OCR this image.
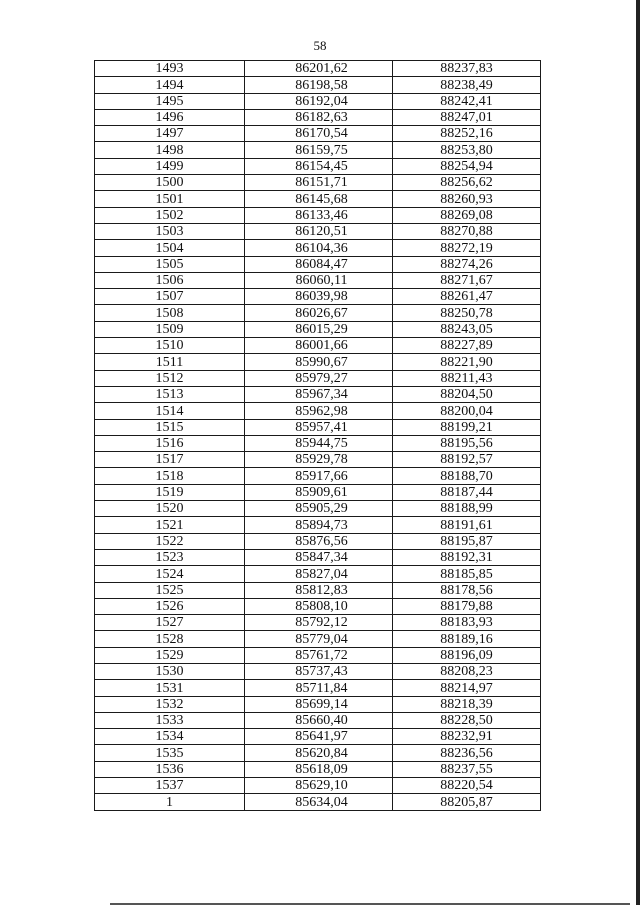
58
1493	86201,62	88237,83
1494	86198,58	88238,49
1495	86192,04	88242,41
1496	86182,63	88247,01
1497	86170,54	88252,16
1498	86159,75	88253,80
1499	86154,45	88254,94
1500	86151,71	88256,62
1501	86145,68	88260,93
1502	86133,46	88269,08
1503	86120,51	88270,88
1504	86104,36	88272,19
1505	86084,47	88274,26
1506	86060,11	88271,67
1507	86039,98	88261,47
1508	86026,67	88250,78
1509	86015,29	88243,05
1510	86001,66	88227,89
1511	85990,67	88221,90
1512	85979,27	88211,43
1513	85967,34	88204,50
1514	85962,98	88200,04
1515	85957,41	88199,21
1516	85944,75	88195,56
1517	85929,78	88192,57
1518	85917,66	88188,70
1519	85909,61	88187,44
1520	85905,29	88188,99
1521	85894,73	88191,61
1522	85876,56	88195,87
1523	85847,34	88192,31
1524	85827,04	88185,85
1525	85812,83	88178,56
1526	85808,10	88179,88
1527	85792,12	88183,93
1528	85779,04	88189,16
1529	85761,72	88196,09
1530	85737,43	88208,23
1531	85711,84	88214,97
1532	85699,14	88218,39
1533	85660,40	88228,50
1534	85641,97	88232,91
1535	85620,84	88236,56
1536	85618,09	88237,55
1537	85629,10	88220,54
1	85634,04	88205,87
